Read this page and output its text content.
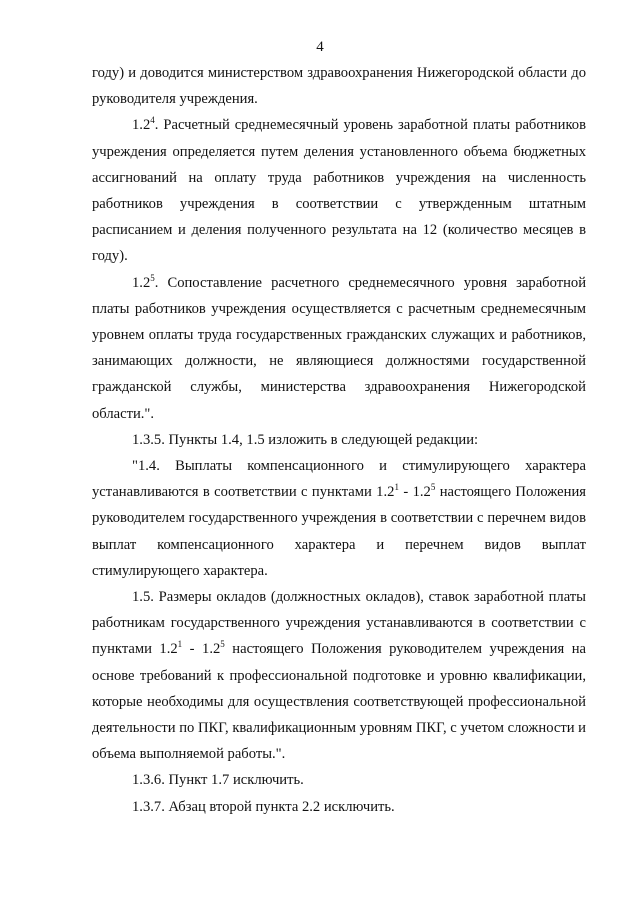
4

году) и доводится министерством здравоохранения Нижегородской области до руководителя учреждения.

$1.2^4$. Расчетный среднемесячный уровень заработной платы работников учреждения определяется путем деления установленного объема бюджетных ассигнований на оплату труда работников учреждения на численность работников учреждения в соответствии с утвержденным штатным расписанием и деления полученного результата на 12 (количество месяцев в году).

$1.2^5$. Сопоставление расчетного среднемесячного уровня заработной платы работников учреждения осуществляется с расчетным среднемесячным уровнем оплаты труда государственных гражданских служащих и работников, занимающих должности, не являющиеся должностями государственной гражданской службы, министерства здравоохранения Нижегородской области.".

1.3.5. Пункты 1.4, 1.5 изложить в следующей редакции:

"1.4. Выплаты компенсационного и стимулирующего характера устанавливаются в соответствии с пунктами $1.2^1 - 1.2^5$ настоящего Положения руководителем государственного учреждения в соответствии с перечнем видов выплат компенсационного характера и перечнем видов выплат стимулирующего характера.

1.5. Размеры окладов (должностных окладов), ставок заработной платы работникам государственного учреждения устанавливаются в соответствии с пунктами $1.2^1 - 1.2^5$ настоящего Положения руководителем учреждения на основе требований к профессиональной подготовке и уровню квалификации, которые необходимы для осуществления соответствующей профессиональной деятельности по ПКГ, квалификационным уровням ПКГ, с учетом сложности и объема выполняемой работы.".

1.3.6. Пункт 1.7 исключить.

1.3.7. Абзац второй пункта 2.2 исключить.
